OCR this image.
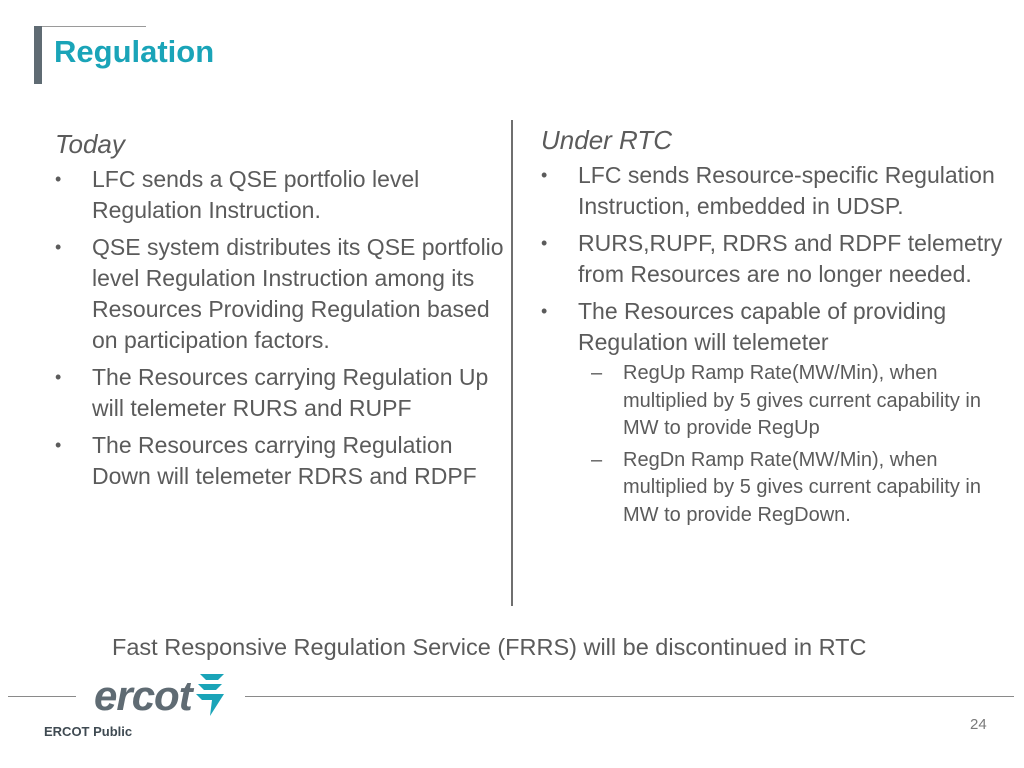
Regulation
Today
•	LFC sends a QSE portfolio level Regulation Instruction.
•	QSE system distributes its QSE portfolio level Regulation Instruction among its Resources Providing Regulation based on participation factors.
•	The Resources carrying Regulation Up will telemeter RURS and RUPF
•	The Resources carrying Regulation Down will telemeter RDRS and RDPF
Under RTC
•	LFC sends Resource-specific Regulation Instruction, embedded in UDSP.
•	RURS,RUPF, RDRS and RDPF telemetry from Resources are no longer needed.
•	The Resources capable of providing Regulation will telemeter
– RegUp Ramp Rate(MW/Min), when multiplied by 5 gives current capability in MW to provide RegUp
– RegDn Ramp Rate(MW/Min), when multiplied by 5 gives current capability in MW to provide RegDown.
Fast Responsive Regulation Service (FRRS) will be discontinued in RTC
ercot
ERCOT Public	24
